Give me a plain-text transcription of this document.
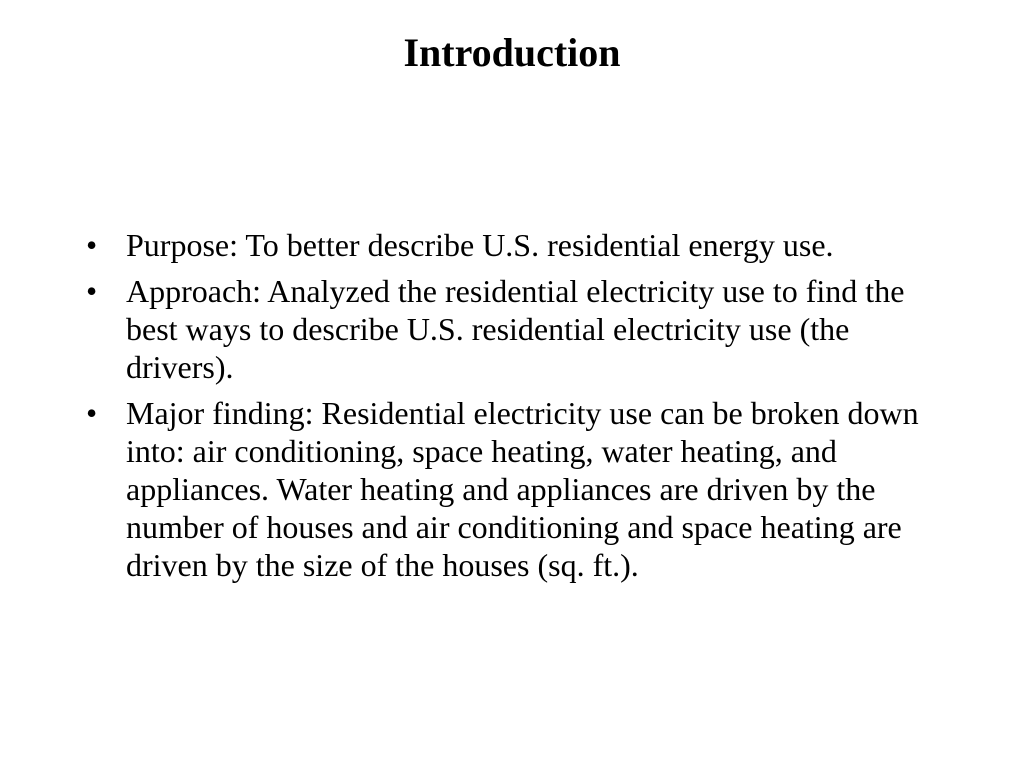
Introduction
• Purpose: To better describe U.S. residential energy use.
• Approach: Analyzed the residential electricity use to find the best ways to describe U.S. residential electricity use (the drivers).
• Major finding: Residential electricity use can be broken down into: air conditioning, space heating, water heating, and appliances. Water heating and appliances are driven by the number of houses and air conditioning and space heating are driven by the size of the houses (sq. ft.).
